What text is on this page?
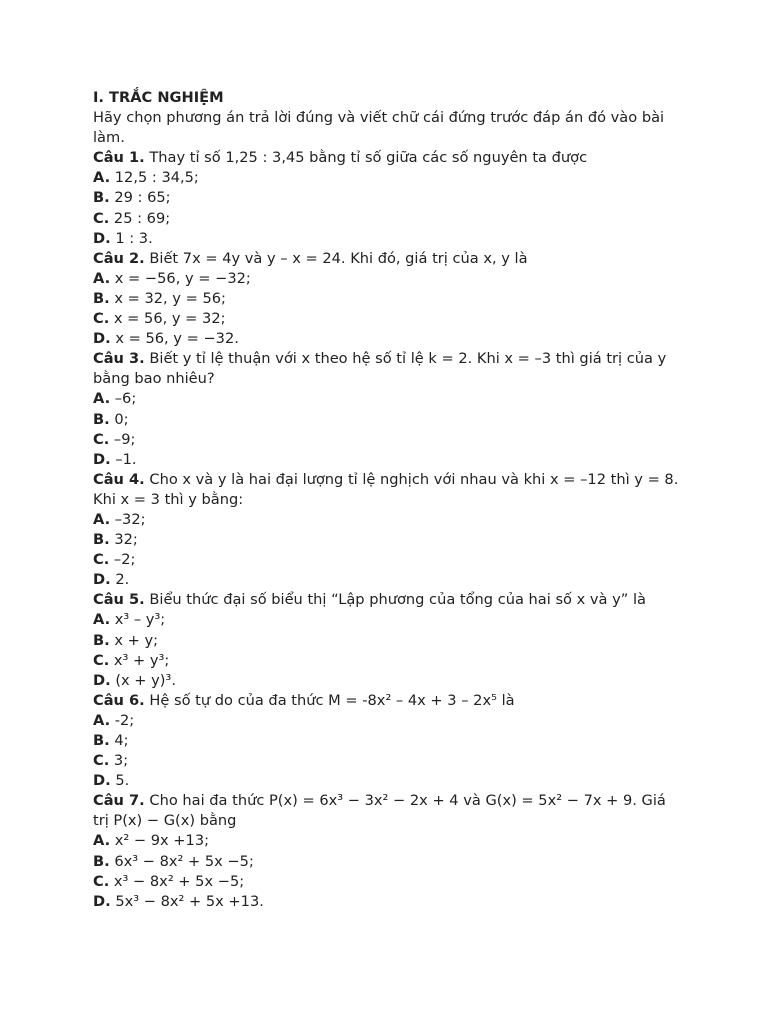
I. TRẮC NGHIỆM

Hãy chọn phương án trả lời đúng và viết chữ cái đứng trước đáp án đó vào bài làm.

Câu 1. Thay tỉ số 1,25 : 3,45 bằng tỉ số giữa các số nguyên ta được

A. 12,5 : 34,5;

B. 29 : 65;

C. 25 : 69;

D. 1 : 3.

Câu 2. Biết 7x = 4y và y – x = 24. Khi đó, giá trị của x, y là

A. x = −56, y = −32;

B. x = 32, y = 56;

C. x = 56, y = 32;

D. x = 56, y = −32.

Câu 3. Biết y tỉ lệ thuận với x theo hệ số tỉ lệ k = 2. Khi x = –3 thì giá trị của y bằng bao nhiêu?

A. –6;

B. 0;

C. –9;

D. –1.

Câu 4. Cho x và y là hai đại lượng tỉ lệ nghịch với nhau và khi x = –12 thì y = 8. Khi x = 3 thì y bằng:

A. –32;

B. 32;

C. –2;

D. 2.

Câu 5. Biểu thức đại số biểu thị “Lập phương của tổng của hai số x và y” là

A. x³ – y³;

B. x + y;

C. x³ + y³;

D. (x + y)³.

Câu 6. Hệ số tự do của đa thức M = -8x² – 4x + 3 – 2x⁵ là

A. -2;

B. 4;

C. 3;

D. 5.

Câu 7. Cho hai đa thức P(x) = 6x³ − 3x² − 2x + 4 và G(x) = 5x² − 7x + 9. Giá trị P(x) − G(x) bằng

A. x² − 9x +13;

B. 6x³ − 8x² + 5x −5;

C. x³ − 8x² + 5x −5;

D. 5x³ − 8x² + 5x +13.
